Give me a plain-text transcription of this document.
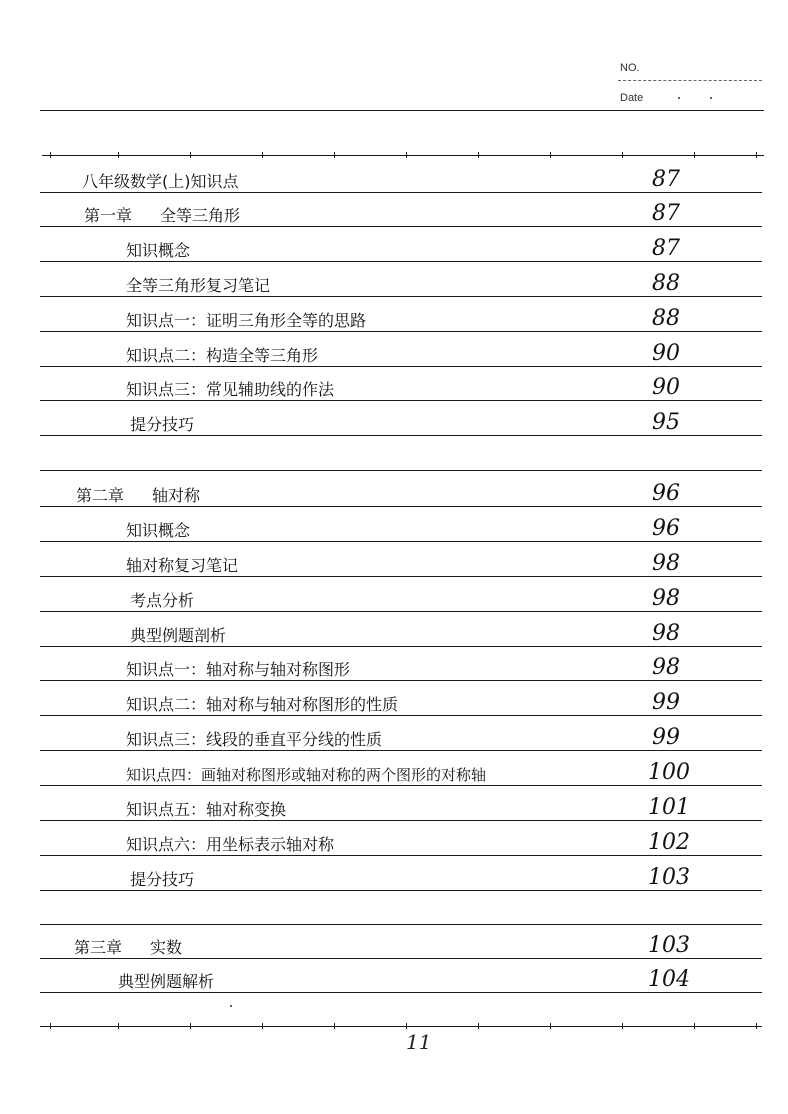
NO.
Date
八年级数学(上)知识点	87
第一章 全等三角形	87
知识概念	87
全等三角形复习笔记	88
知识点一：证明三角形全等的思路	88
知识点二：构造全等三角形	90
知识点三：常见辅助线的作法	90
提分技巧	95
第二章 轴对称	96
知识概念	96
轴对称复习笔记	98
考点分析	98
典型例题剖析	98
知识点一：轴对称与轴对称图形	98
知识点二：轴对称与轴对称图形的性质	99
知识点三：线段的垂直平分线的性质	99
知识点四：画轴对称图形或轴对称的两个图形的对称轴	100
知识点五：轴对称变换	101
知识点六：用坐标表示轴对称	102
提分技巧	103
第三章 实数	103
典型例题解析	104
11
